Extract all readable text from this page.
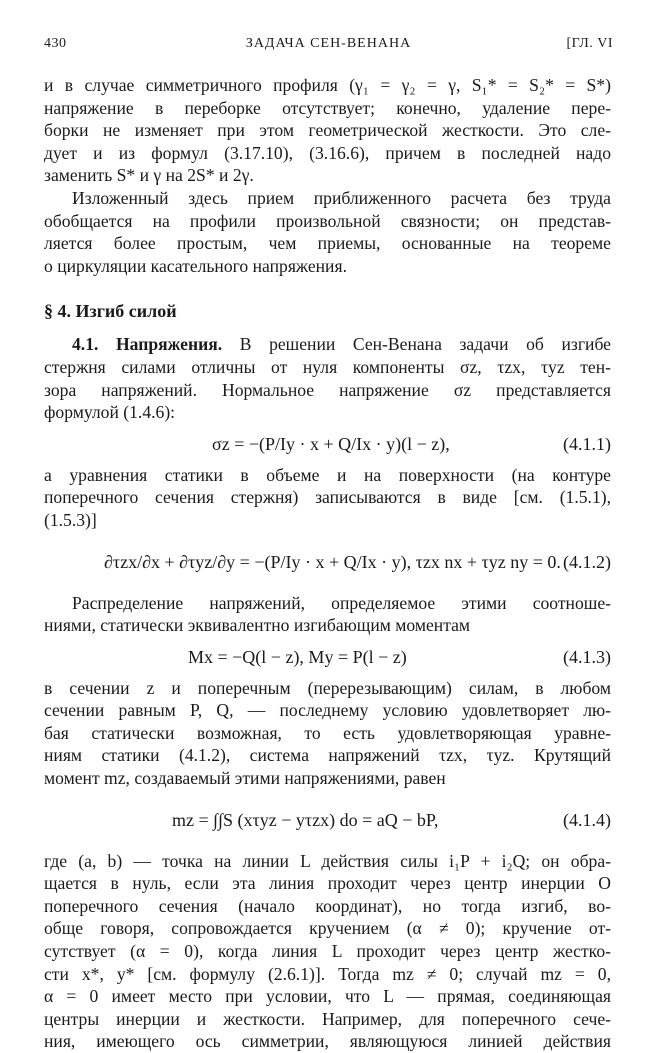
430	ЗАДАЧА СЕН-ВЕНАНА	[ГЛ. VI
и в случае симметричного профиля (γ₁ = γ₂ = γ, S₁* = S₂* = S*)
напряжение в переборке отсутствует; конечно, удаление пере-
борки не изменяет при этом геометрической жесткости. Это сле-
дует и из формул (3.17.10), (3.16.6), причем в последней надо
заменить S* и γ на 2S* и 2γ.
Изложенный здесь прием приближенного расчета без труда
обобщается на профили произвольной связности; он представ-
ляется более простым, чем приемы, основанные на теореме
о циркуляции касательного напряжения.
§ 4. Изгиб силой
4.1. Напряжения. В решении Сен-Венана задачи об изгибе
стержня силами отличны от нуля компоненты σz, τzx, τyz тен-
зора напряжений. Нормальное напряжение σz представляется
формулой (1.4.6):
σz = −(P/Iy · x + Q/Ix · y)(l − z),	(4.1.1)
а уравнения статики в объеме и на поверхности (на контуре
поперечного сечения стержня) записываются в виде [см. (1.5.1),
(1.5.3)]
∂τzx/∂x + ∂τyz/∂y = −(P/Iy · x + Q/Ix · y), τzx nx + τyz ny = 0. (4.1.2)
Распределение напряжений, определяемое этими соотноше-
ниями, статически эквивалентно изгибающим моментам
Mx = −Q(l − z), My = P(l − z)	(4.1.3)
в сечении z и поперечным (перерезывающим) силам, в любом
сечении равным P, Q, — последнему условию удовлетворяет лю-
бая статически возможная, то есть удовлетворяющая уравне-
ниям статики (4.1.2), система напряжений τzx, τyz. Крутящий
момент mz, создаваемый этими напряжениями, равен
mz = ∫∫S (xτyz − yτzx) do = aQ − bP,	(4.1.4)
где (a, b) — точка на линии L действия силы i₁P + i₂Q; он обра-
щается в нуль, если эта линия проходит через центр инерции O
поперечного сечения (начало координат), но тогда изгиб, во-
обще говоря, сопровождается кручением (α ≠ 0); кручение от-
сутствует (α = 0), когда линия L проходит через центр жестко-
сти x*, y* [см. формулу (2.6.1)]. Тогда mz ≠ 0; случай mz = 0,
α = 0 имеет место при условии, что L — прямая, соединяющая
центры инерции и жесткости. Например, для поперечного сече-
ния, имеющего ось симметрии, являющуюся линией действия
